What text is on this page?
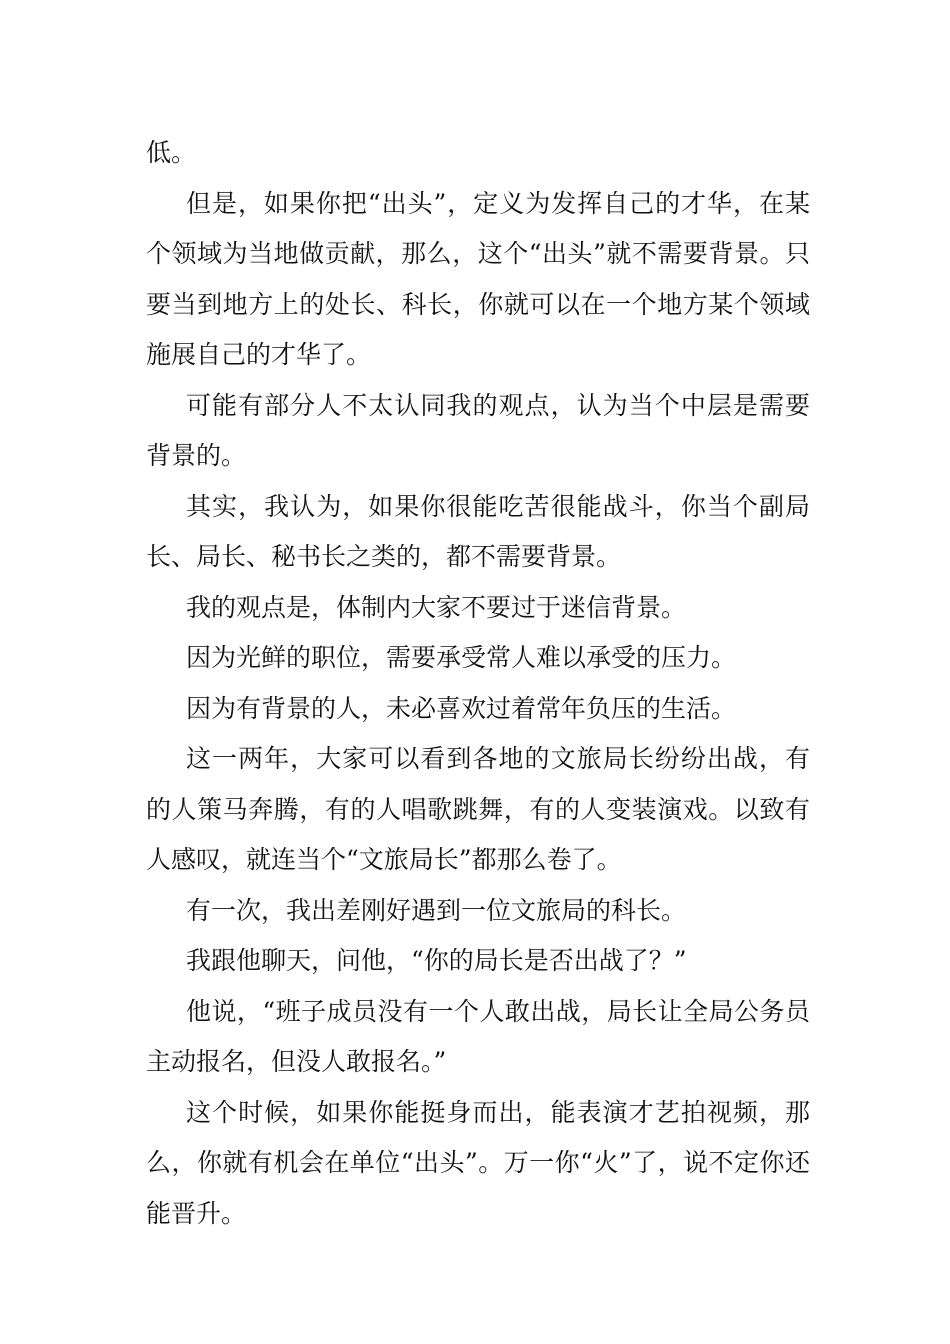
低。

但是，如果你把“出头”，定义为发挥自己的才华，在某个领域为当地做贡献，那么，这个“出头”就不需要背景。只要当到地方上的处长、科长，你就可以在一个地方某个领域施展自己的才华了。

可能有部分人不太认同我的观点，认为当个中层是需要背景的。

其实，我认为，如果你很能吃苦很能战斗，你当个副局长、局长、秘书长之类的，都不需要背景。

我的观点是，体制内大家不要过于迷信背景。

因为光鲜的职位，需要承受常人难以承受的压力。

因为有背景的人，未必喜欢过着常年负压的生活。

这一两年，大家可以看到各地的文旅局长纷纷出战，有的人策马奔腾，有的人唱歌跳舞，有的人变装演戏。以致有人感叹，就连当个“文旅局长”都那么卷了。

有一次，我出差刚好遇到一位文旅局的科长。

我跟他聊天，问他，“你的局长是否出战了？”

他说，“班子成员没有一个人敢出战，局长让全局公务员主动报名，但没人敢报名。”

这个时候，如果你能挺身而出，能表演才艺拍视频，那么，你就有机会在单位“出头”。万一你“火”了，说不定你还能晋升。
